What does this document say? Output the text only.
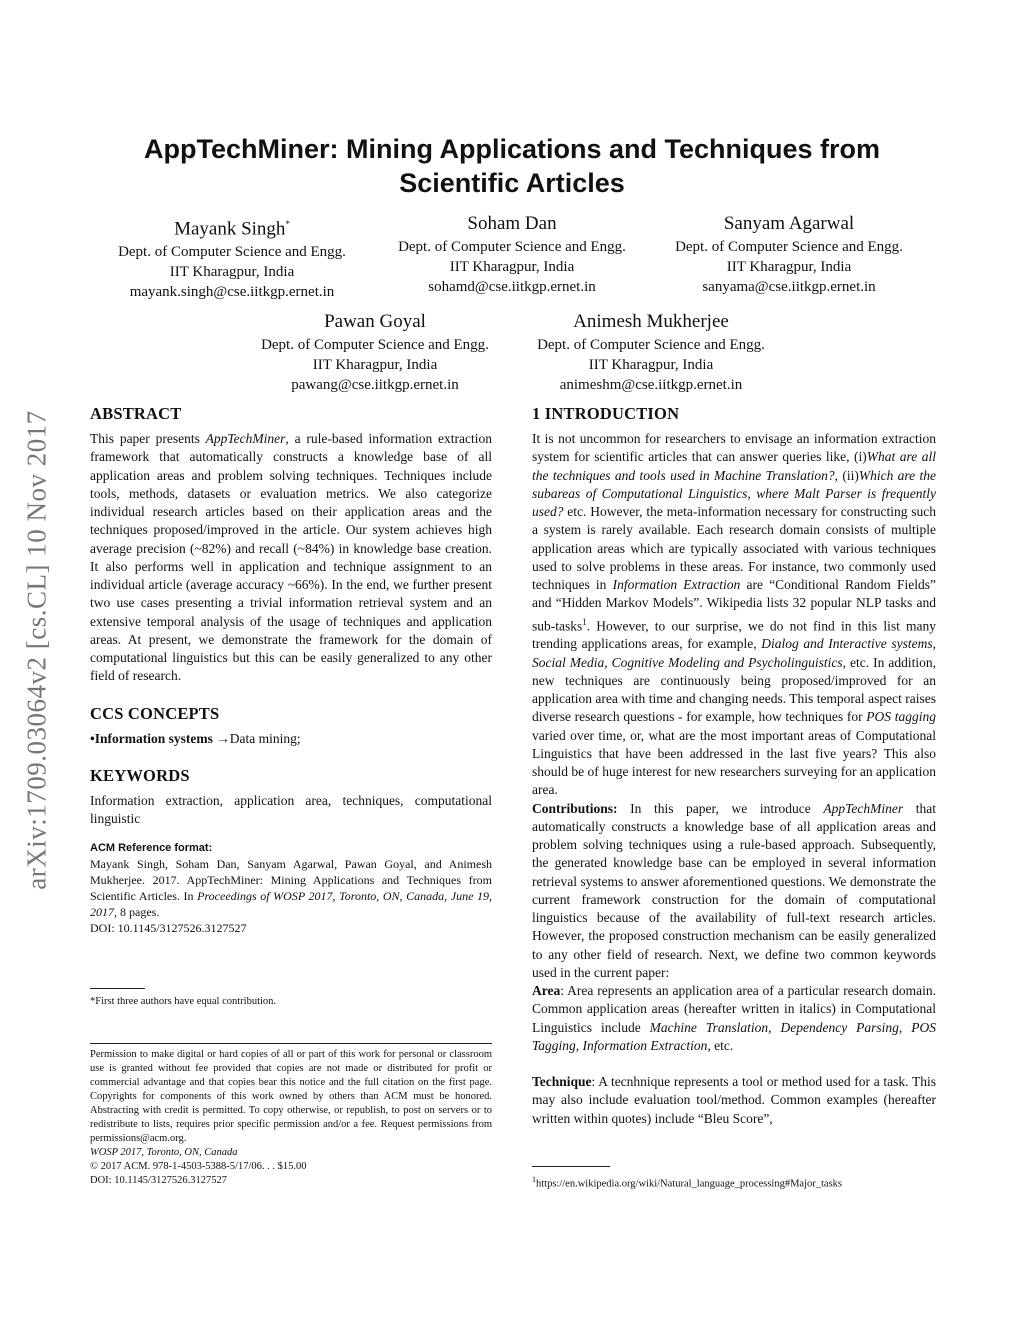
arXiv:1709.03064v2 [cs.CL] 10 Nov 2017
AppTechMiner: Mining Applications and Techniques from
Scientific Articles
Mayank Singh*
Dept. of Computer Science and Engg.
IIT Kharagpur, India
mayank.singh@cse.iitkgp.ernet.in
Soham Dan
Dept. of Computer Science and Engg.
IIT Kharagpur, India
sohamd@cse.iitkgp.ernet.in
Sanyam Agarwal
Dept. of Computer Science and Engg.
IIT Kharagpur, India
sanyama@cse.iitkgp.ernet.in
Pawan Goyal
Dept. of Computer Science and Engg.
IIT Kharagpur, India
pawang@cse.iitkgp.ernet.in
Animesh Mukherjee
Dept. of Computer Science and Engg.
IIT Kharagpur, India
animeshm@cse.iitkgp.ernet.in
ABSTRACT

This paper presents AppTechMiner, a rule-based information extraction framework that automatically constructs a knowledge base of all application areas and problem solving techniques. Techniques include tools, methods, datasets or evaluation metrics. We also categorize individual research articles based on their application areas and the techniques proposed/improved in the article. Our system achieves high average precision (~82%) and recall (~84%) in knowledge base creation. It also performs well in application and technique assignment to an individual article (average accuracy ~66%). In the end, we further present two use cases presenting a trivial information retrieval system and an extensive temporal analysis of the usage of techniques and application areas. At present, we demonstrate the framework for the domain of computational linguistics but this can be easily generalized to any other field of research.

CCS CONCEPTS

•Information systems →Data mining;

KEYWORDS

Information extraction, application area, techniques, computational linguistic

ACM Reference format:

Mayank Singh, Soham Dan, Sanyam Agarwal, Pawan Goyal, and Animesh Mukherjee. 2017. AppTechMiner: Mining Applications and Techniques from Scientific Articles. In Proceedings of WOSP 2017, Toronto, ON, Canada, June 19, 2017, 8 pages.

DOI: 10.1145/3127526.3127527

*First three authors have equal contribution.

Permission to make digital or hard copies of all or part of this work for personal or classroom use is granted without fee provided that copies are not made or distributed for profit or commercial advantage and that copies bear this notice and the full citation on the first page. Copyrights for components of this work owned by others than ACM must be honored. Abstracting with credit is permitted. To copy otherwise, or republish, to post on servers or to redistribute to lists, requires prior specific permission and/or a fee. Request permissions from permissions@acm.org.

WOSP 2017, Toronto, ON, Canada

© 2017 ACM. 978-1-4503-5388-5/17/06. . . $15.00

DOI: 10.1145/3127526.3127527

1 INTRODUCTION

It is not uncommon for researchers to envisage an information extraction system for scientific articles that can answer queries like, (i)What are all the techniques and tools used in Machine Translation?, (ii)Which are the subareas of Computational Linguistics, where Malt Parser is frequently used? etc. However, the meta-information necessary for constructing such a system is rarely available. Each research domain consists of multiple application areas which are typically associated with various techniques used to solve problems in these areas. For instance, two commonly used techniques in Information Extraction are “Conditional Random Fields” and “Hidden Markov Models”. Wikipedia lists 32 popular NLP tasks and sub-tasks$^1$. However, to our surprise, we do not find in this list many trending applications areas, for example, Dialog and Interactive systems, Social Media, Cognitive Modeling and Psycholinguistics, etc. In addition, new techniques are continuously being proposed/improved for an application area with time and changing needs. This temporal aspect raises diverse research questions - for example, how techniques for POS tagging varied over time, or, what are the most important areas of Computational Linguistics that have been addressed in the last five years? This also should be of huge interest for new researchers surveying for an application area.

Contributions: In this paper, we introduce AppTechMiner that automatically constructs a knowledge base of all application areas and problem solving techniques using a rule-based approach. Subsequently, the generated knowledge base can be employed in several information retrieval systems to answer aforementioned questions. We demonstrate the current framework construction for the domain of computational linguistics because of the availability of full-text research articles. However, the proposed construction mechanism can be easily generalized to any other field of research. Next, we define two common keywords used in the current paper:

Area: Area represents an application area of a particular research domain. Common application areas (hereafter written in italics) in Computational Linguistics include Machine Translation, Dependency Parsing, POS Tagging, Information Extraction, etc.

Technique: A tecnhnique represents a tool or method used for a task. This may also include evaluation tool/method. Common examples (hereafter written within quotes) include “Bleu Score”,

$^1$https://en.wikipedia.org/wiki/Natural_language_processing#Major_tasks
